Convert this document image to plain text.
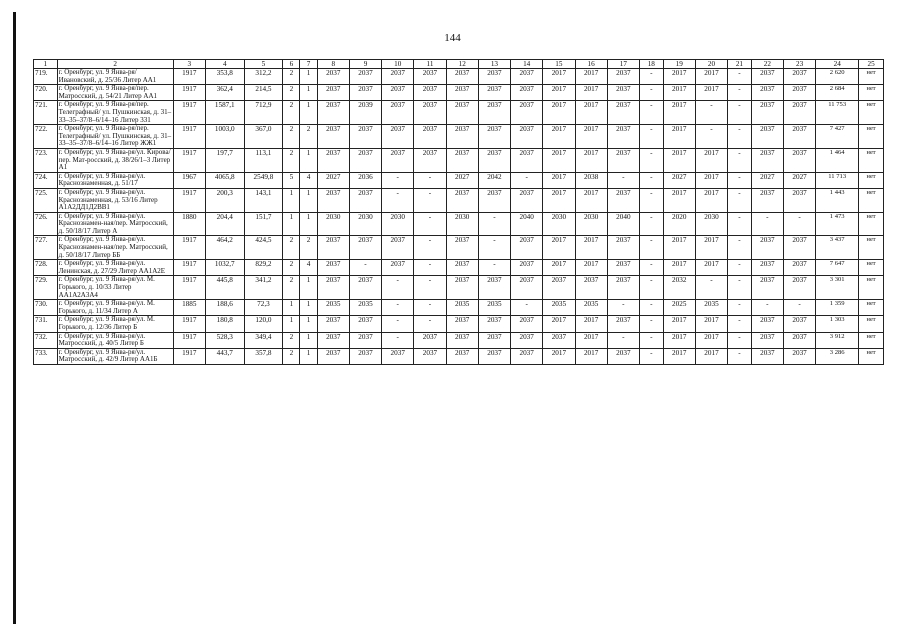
144
1	2	3	4	5	6	7	8	9	10	11	12	13	14	15	16	17	18	19	20	21	22	23	24	25
719.	г. Оренбург, ул. 9 Янва-ря/Ивановский, д. 25/36 Литер АА1	1917	353,8	312,2	2	1	2037	2037	2037	2037	2037	2037	2037	2017	2017	2037	-	2017	2017	-	2037	2037	2 620	нет
720.	г. Оренбург, ул. 9 Янва-ря/пер. Матросский, д. 54/21 Литер АА1	1917	362,4	214,5	2	1	2037	2037	2037	2037	2037	2037	2037	2017	2017	2037	-	2017	2017	-	2037	2037	2 684	нет
721.	г. Оренбург, ул. 9 Янва-ря/пер. Телеграфный/ ул. Пушкинская, д. 31–33–35–37/8–6/14–16 Литер 331	1917	1587,1	712,9	2	1	2037	2039	2037	2037	2037	2037	2037	2017	2017	2037	-	2017	-	-	2037	2037	11 753	нет
722.	г. Оренбург, ул. 9 Янва-ря/пер. Телеграфный/ ул. Пушкинская, д. 31–33–35–37/8–6/14–16 Литер ЖЖ1	1917	1003,0	367,0	2	2	2037	2037	2037	2037	2037	2037	2037	2017	2017	2037	-	2017	-	-	2037	2037	7 427	нет
723.	г. Оренбург, ул. 9 Янва-ря/ул. Кирова/пер. Мат-росский, д. 38/26/1–3 Литер А1	1917	197,7	113,1	2	1	2037	2037	2037	2037	2037	2037	2037	2017	2017	2037	-	2017	2017	-	2037	2037	1 464	нет
724.	г. Оренбург, ул. 9 Янва-ря/ул. Краснознаменная, д. 51/17	1967	4065,8	2549,8	5	4	2027	2036	-	-	2027	2042	-	2017	2038	-	-	2027	2017	-	2027	2027	11 713	нет
725.	г. Оренбург, ул. 9 Янва-ря/ул. Краснознаменная, д. 53/16 Литер А1А2ДД1Д2ВВ1	1917	200,3	143,1	1	1	2037	2037	-	-	2037	2037	2037	2017	2017	2037	-	2017	2017	-	2037	2037	1 443	нет
726.	г. Оренбург, ул. 9 Янва-ря/ул. Краснознамен-ная/пер. Матросский, д. 50/18/17 Литер А	1880	204,4	151,7	1	1	2030	2030	2030	-	2030	-	2040	2030	2030	2040	-	2020	2030	-	-	-	1 473	нет
727.	г. Оренбург, ул. 9 Янва-ря/ул. Краснознамен-ная/пер. Матросский, д. 50/18/17 Литер ББ	1917	464,2	424,5	2	2	2037	2037	2037	-	2037	-	2037	2017	2017	2037	-	2017	2017	-	2037	2037	3 437	нет
728.	г. Оренбург, ул. 9 Янва-ря/ул. Ленинская, д. 27/29 Литер АА1А2Е	1917	1032,7	829,2	2	4	2037	-	2037	-	2037	-	2037	2017	2017	2037	-	2017	2017	-	2037	2037	7 647	нет
729.	г. Оренбург, ул. 9 Янва-ря/ул. М. Горького, д. 10/33 Литер АА1А2А3А4	1917	445,8	341,2	2	1	2037	2037	-	-	2037	2037	2037	2037	2037	2037	-	2032	-	-	2037	2037	3 301	нет
730.	г. Оренбург, ул. 9 Янва-ря/ул. М. Горького, д. 11/34 Литер А	1885	188,6	72,3	1	1	2035	2035	-	-	2035	2035	-	2035	2035	-	-	2025	2035	-	-	-	1 359	нет
731.	г. Оренбург, ул. 9 Янва-ря/ул. М. Горького, д. 12/36 Литер Б	1917	180,8	120,0	1	1	2037	2037	-	-	2037	2037	2037	2017	2017	2037	-	2017	2017	-	2037	2037	1 303	нет
732.	г. Оренбург, ул. 9 Янва-ря/ул. Матросский, д. 40/5 Литер Б	1917	528,3	349,4	2	1	2037	2037	-	2037	2037	2037	2037	2037	2017	-	-	2017	2017	-	2037	2037	3 912	нет
733.	г. Оренбург, ул. 9 Янва-ря/ул. Матросский, д. 42/9 Литер АА1Б	1917	443,7	357,8	2	1	2037	2037	2037	2037	2037	2037	2037	2017	2017	2037	-	2017	2017	-	2037	2037	3 286	нет
